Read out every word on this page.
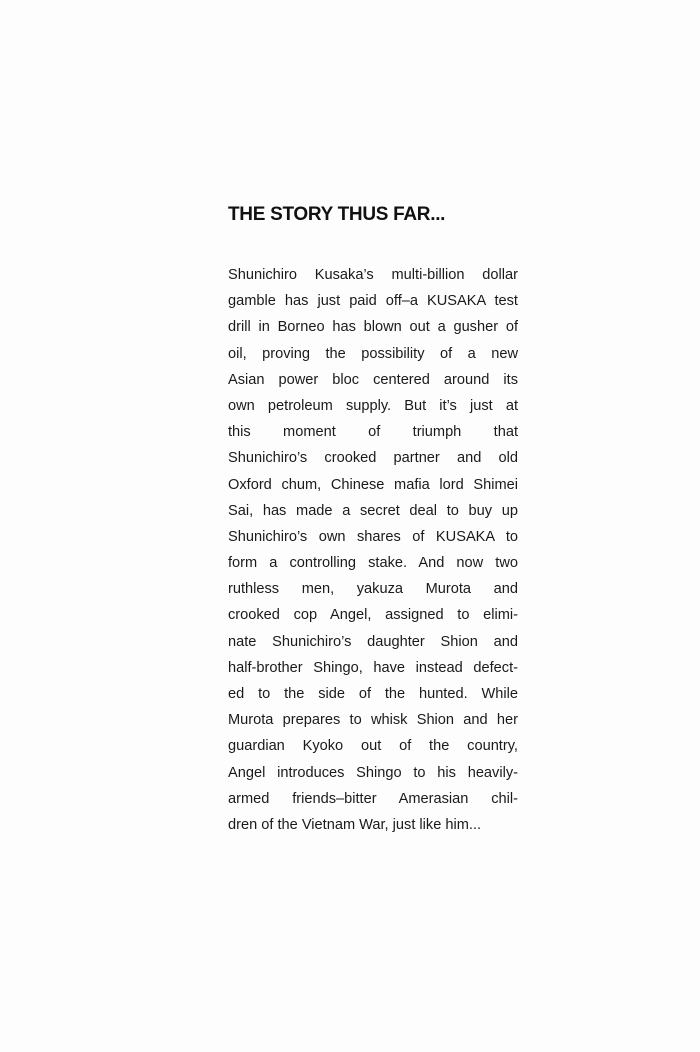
THE STORY THUS FAR...
Shunichiro Kusaka’s multi-billion dollar
gamble has just paid off–a KUSAKA test
drill in Borneo has blown out a gusher of
oil, proving the possibility of a new
Asian power bloc centered around its
own petroleum supply. But it’s just at
this moment of triumph that
Shunichiro’s crooked partner and old
Oxford chum, Chinese mafia lord Shimei
Sai, has made a secret deal to buy up
Shunichiro’s own shares of KUSAKA to
form a controlling stake. And now two
ruthless men, yakuza Murota and
crooked cop Angel, assigned to elimi-
nate Shunichiro’s daughter Shion and
half-brother Shingo, have instead defect-
ed to the side of the hunted. While
Murota prepares to whisk Shion and her
guardian Kyoko out of the country,
Angel introduces Shingo to his heavily-
armed friends–bitter Amerasian chil-
dren of the Vietnam War, just like him...
